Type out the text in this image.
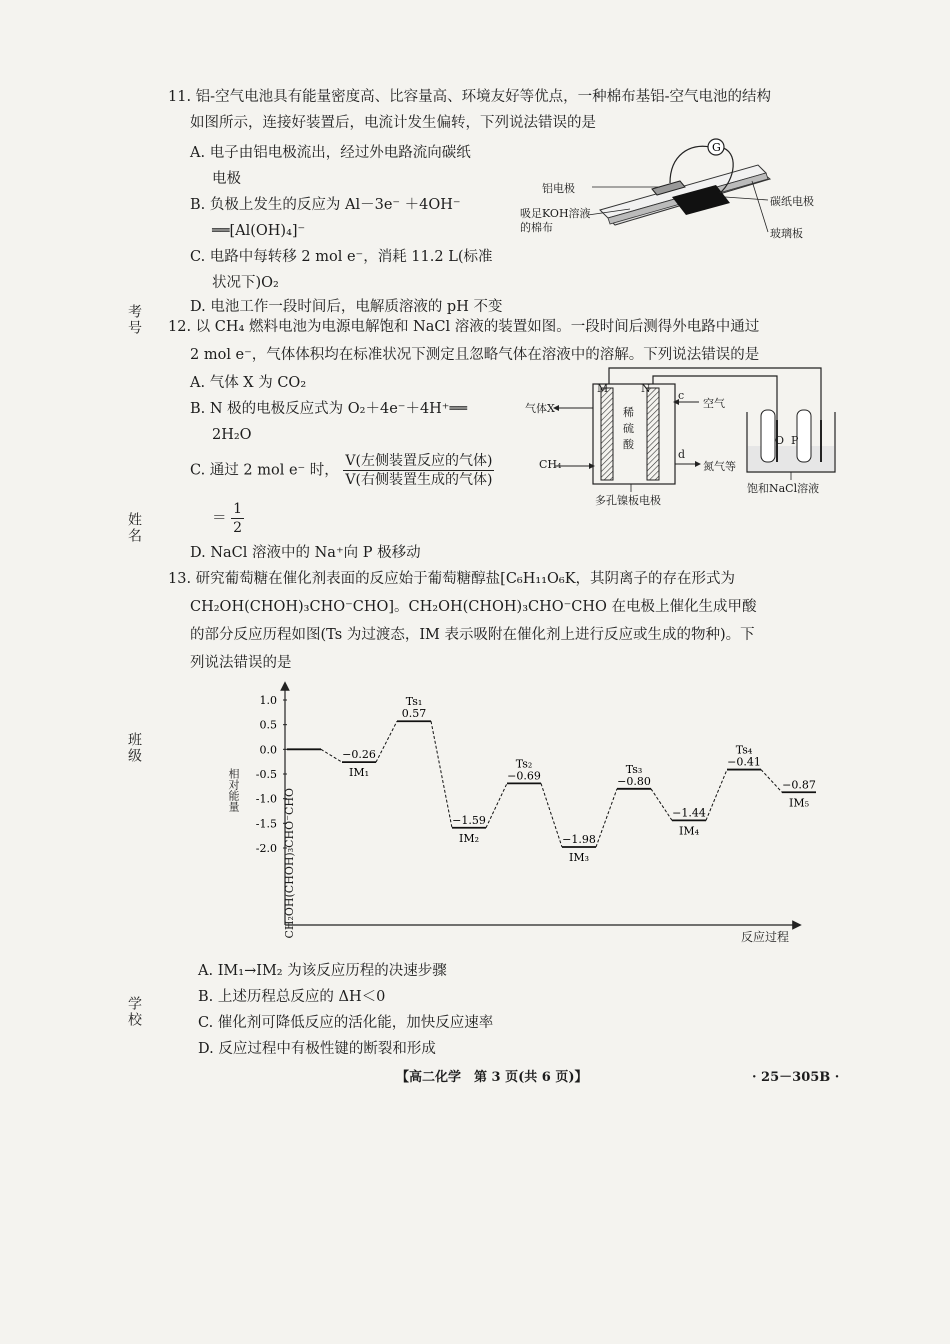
考号
姓名
班级
学校
11. 铝-空气电池具有能量密度高、比容量高、环境友好等优点，一种棉布基铝-空气电池的结构
如图所示，连接好装置后，电流计发生偏转，下列说法错误的是
A. 电子由铝电极流出，经过外电路流向碳纸
电极
B. 负极上发生的反应为 Al－3e⁻ ＋4OH⁻
══[Al(OH)₄]⁻
C. 电路中每转移 2 mol e⁻，消耗 11.2 L(标准
状况下)O₂
D. 电池工作一段时间后，电解质溶液的 pH 不变
G
铝电极
吸足KOH溶液
的棉布
碳纸电极
玻璃板
12. 以 CH₄ 燃料电池为电源电解饱和 NaCl 溶液的装置如图。一段时间后测得外电路中通过
2 mol e⁻，气体体积均在标准状况下测定且忽略气体在溶液中的溶解。下列说法错误的是
A. 气体 X 为 CO₂
B. N 极的电极反应式为 O₂＋4e⁻＋4H⁺══
2H₂O
C. 通过 2 mol e⁻ 时， $\frac{\text{V(左侧装置反应的气体)}}{\text{V(右侧装置生成的气体)}}$
＝ $\frac{1}{2}$
D. NaCl 溶液中的 Na⁺向 P 极移动
M	N
气体X
c
空气
稀
硫
酸
CH₄
d
氮气等
多孔镍板电极
O P
饱和NaCl溶液
13. 研究葡萄糖在催化剂表面的反应始于葡萄糖醇盐[C₆H₁₁O₆K，其阴离子的存在形式为
CH₂OH(CHOH)₃CHO⁻CHO]。CH₂OH(CHOH)₃CHO⁻CHO 在电极上催化生成甲酸
的部分反应历程如图(Ts 为过渡态，IM 表示吸附在催化剂上进行反应或生成的物种)。下
列说法错误的是
1.0
0.5
0.0
-0.5
-1.0
-1.5
-2.0
−0.26
IM₁
0.57
Ts₁
−1.59
IM₂
−0.69
Ts₂
−1.98
IM₃
−0.80
Ts₃
−1.44
IM₄
−0.41
Ts₄
−0.87
IM₅
相对能量	CH₂OH(CHOH)₃CHO⁻CHO	反应过程
A. IM₁→IM₂ 为该反应历程的决速步骤
B. 上述历程总反应的 ΔH＜0
C. 催化剂可降低反应的活化能，加快反应速率
D. 反应过程中有极性键的断裂和形成
【高二化学　第 3 页(共 6 页)】	· 25－305B ·
